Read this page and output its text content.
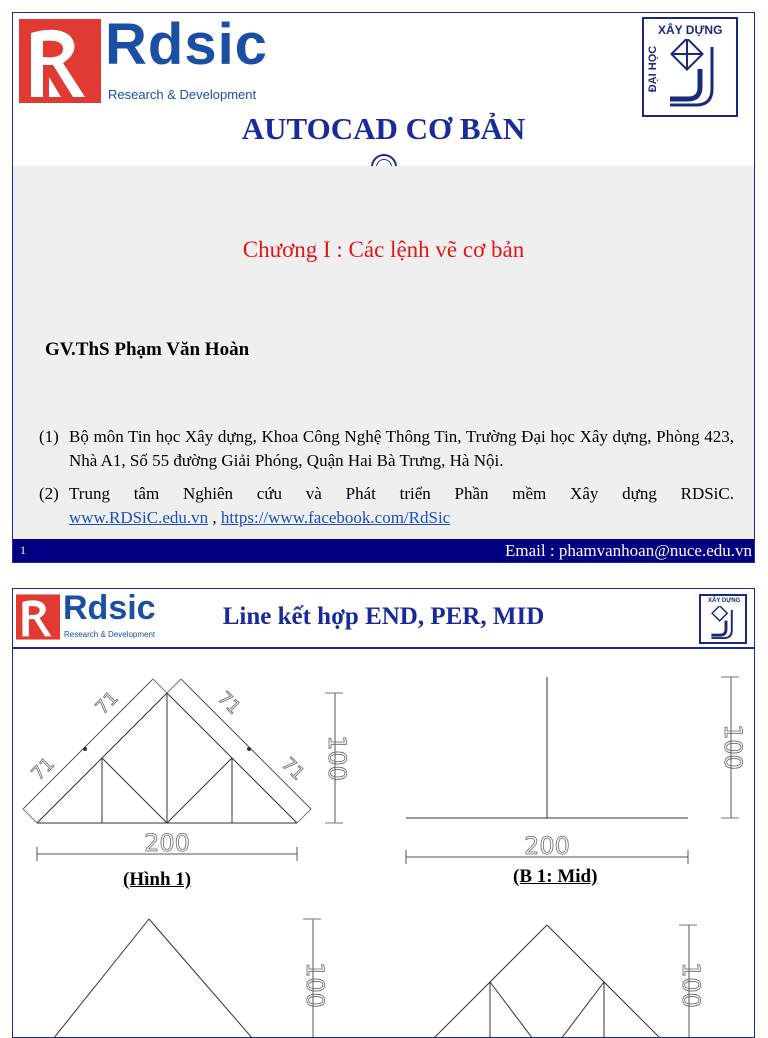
Rdsic
Research & Development
XÂY DỰNG
ĐẠI HỌC
AUTOCAD CƠ BẢN
Chương I : Các lệnh vẽ cơ bản
GV.ThS Phạm Văn Hoàn
(1) Bộ môn Tin học Xây dựng, Khoa Công Nghệ Thông Tin, Trường Đại học Xây dựng, Phòng 423, Nhà A1, Số 55 đường Giải Phóng, Quận Hai Bà Trưng, Hà Nội.
(2) Trung tâm Nghiên cứu và Phát triển Phần mềm Xây dựng RDSiC.
www.RDSiC.edu.vn , https://www.facebook.com/RdSic
1	Email : phamvanhoan@nuce.edu.vn
Rdsic
Research & Development
Line kết hợp END, PER, MID
XÂY DỰNG
200
100
71
71	71
71
200
100
100	100
(Hình 1)	(B 1: Mid)
